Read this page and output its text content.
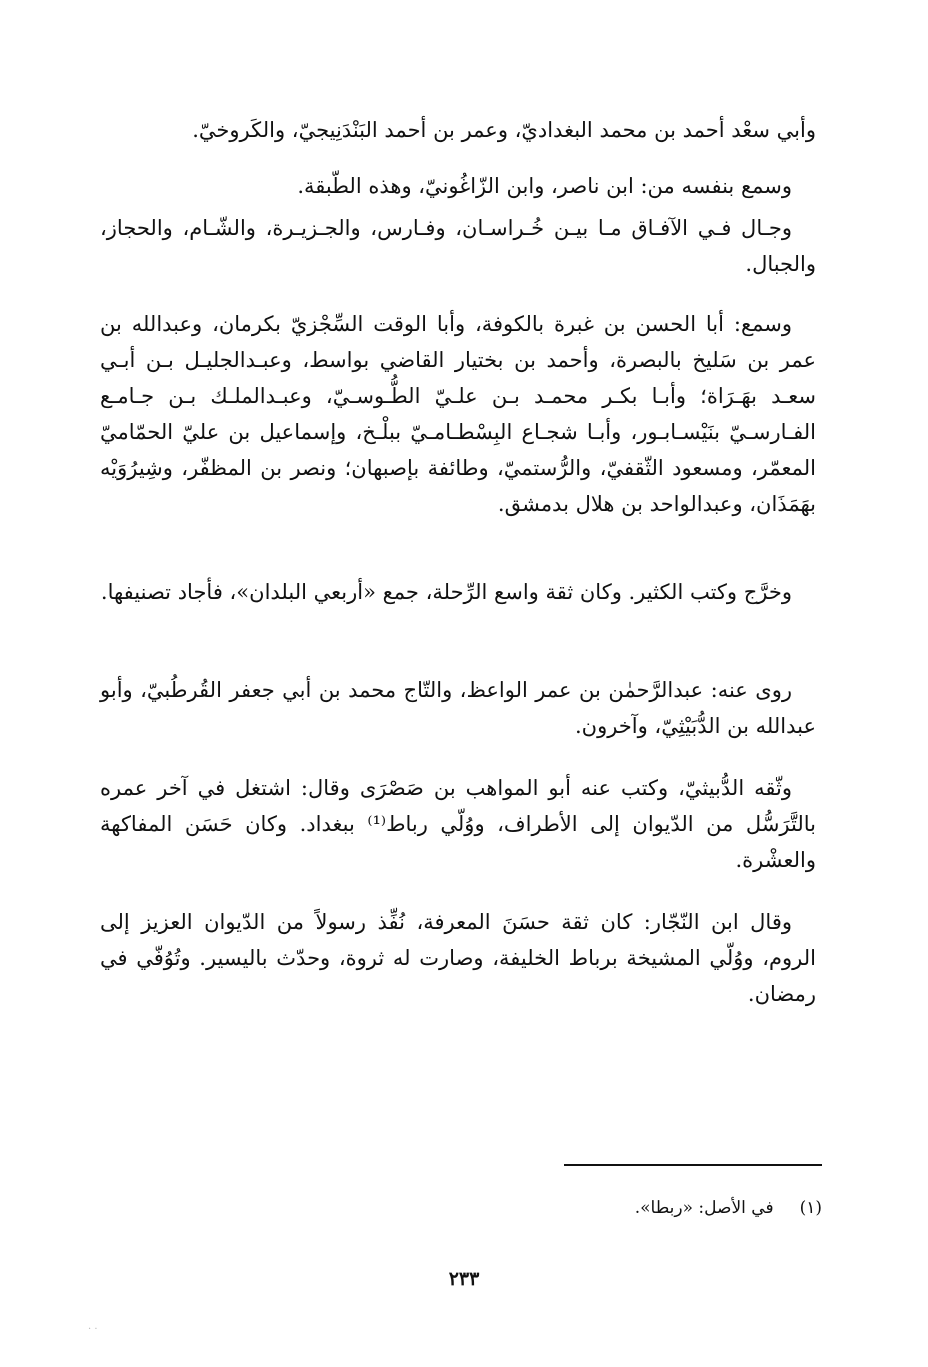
وأبي سعْد أحمد بن محمد البغداديّ، وعمر بن أحمد البَنْدَنِيجيّ، والكَروخيّ.

وسمع بنفسه من: ابن ناصر، وابن الزّاغُونيّ، وهذه الطّبقة.

وجـال فـي الآفـاق مـا بيـن خُـراسـان، وفـارس، والجـزيـرة، والشّـام، والحجاز، والجبال.

وسمع: أبا الحسن بن غبرة بالكوفة، وأبا الوقت السِّجْزيّ بكرمان، وعبدالله بن عمر بن سَليخ بالبصرة، وأحمد بن بختيار القاضي بواسط، وعبـدالجليـل بـن أبـي سعـد بهَـرَاة؛ وأبـا بكـر محمـد بـن علـيّ الطُّـوسـيّ، وعبـدالملـك بـن جـامـع الفـارسـيّ بنَيْسـابـور، وأبـا شجـاع البِسْطـامـيّ ببلْـخ، وإسماعيل بن عليّ الحمّاميّ المعمّر، ومسعود الثّقفيّ، والرُّستميّ، وطائفة بإصبهان؛ ونصر بن المظفّر، وشِيرُوَيْه بهَمَذَان، وعبدالواحد بن هلال بدمشق.

وخرَّج وكتب الكثير. وكان ثقة واسع الرِّحلة، جمع «أربعي البلدان»، فأجاد تصنيفها.

روى عنه: عبدالرَّحمٰن بن عمر الواعظ، والتّاج محمد بن أبي جعفر القُرطُبيّ، وأبو عبدالله بن الدُّبَيْثِيّ، وآخرون.

وثّقه الدُّبيثيّ، وكتب عنه أبو المواهب بن صَصْرَى وقال: اشتغل في آخر عمره بالتَّرَسُّل من الدّيوان إلى الأطراف، ووُلّي رباط⁽¹⁾ ببغداد. وكان حَسَن المفاكهة والعشْرة.

وقال ابن النّجّار: كان ثقة حسَنَ المعرفة، نُفِّذ رسولاً من الدّيوان العزيز إلى الروم، ووُلّي المشيخة برباط الخليفة، وصارت له ثروة، وحدّث باليسير. وتُوُفّي في رمضان.

(١)في الأصل: «ربطا».
٢٣٣
· ·
